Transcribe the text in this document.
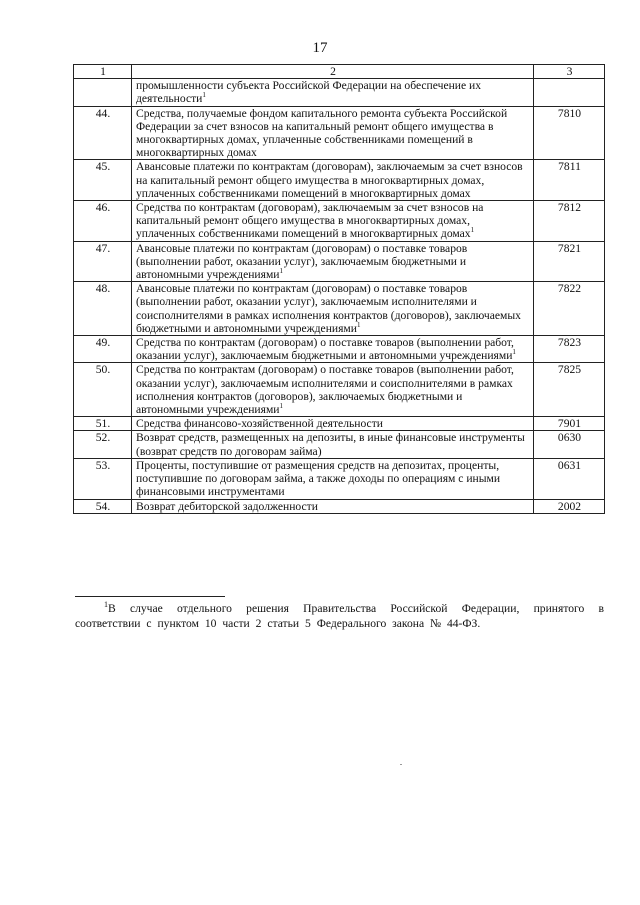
17
1	2	3
	промышленности субъекта Российской Федерации на обеспечение их деятельности$^1$	
44.	Средства, получаемые фондом капитального ремонта субъекта Российской Федерации за счет взносов на капитальный ремонт общего имущества в многоквартирных домах, уплаченные собственниками помещений в многоквартирных домах	7810
45.	Авансовые платежи по контрактам (договорам), заключаемым за счет взносов на капитальный ремонт общего имущества в многоквартирных домах, уплаченных собственниками помещений в многоквартирных домах	7811
46.	Средства по контрактам (договорам), заключаемым за счет взносов на капитальный ремонт общего имущества в многоквартирных домах, уплаченных собственниками помещений в многоквартирных домах$^1$	7812
47.	Авансовые платежи по контрактам (договорам) о поставке товаров (выполнении работ, оказании услуг), заключаемым бюджетными и автономными учреждениями$^1$	7821
48.	Авансовые платежи по контрактам (договорам) о поставке товаров (выполнении работ, оказании услуг), заключаемым исполнителями и соисполнителями в рамках исполнения контрактов (договоров), заключаемых бюджетными и автономными учреждениями$^1$	7822
49.	Средства по контрактам (договорам) о поставке товаров (выполнении работ, оказании услуг), заключаемым бюджетными и автономными учреждениями$^1$	7823
50.	Средства по контрактам (договорам) о поставке товаров (выполнении работ, оказании услуг), заключаемым исполнителями и соисполнителями в рамках исполнения контрактов (договоров), заключаемых бюджетными и автономными учреждениями$^1$	7825
51.	Средства финансово-хозяйственной деятельности	7901
52.	Возврат средств, размещенных на депозиты, в иные финансовые инструменты (возврат средств по договорам займа)	0630
53.	Проценты, поступившие от размещения средств на депозитах, проценты, поступившие по договорам займа, а также доходы по операциям с иными финансовыми инструментами	0631
54.	Возврат дебиторской задолженности	2002
$^1$В случае отдельного решения Правительства Российской Федерации, принятого в соответствии с пунктом 10 части 2 статьи 5 Федерального закона № 44-ФЗ.
